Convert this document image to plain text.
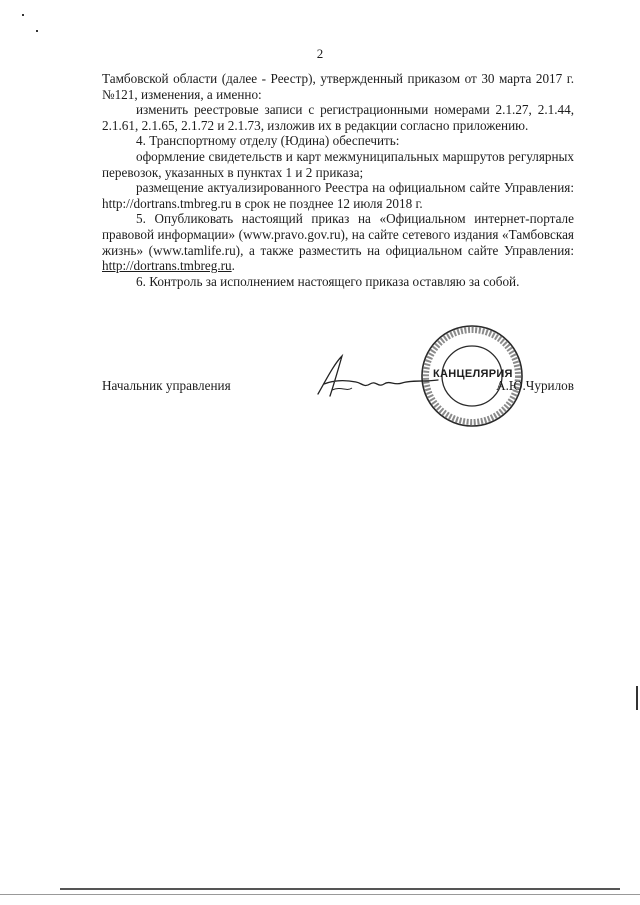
2

Тамбовской области (далее - Реестр), утвержденный приказом от 30 марта 2017 г. №121, изменения, а именно:

изменить реестровые записи с регистрационными номерами 2.1.27, 2.1.44, 2.1.61, 2.1.65, 2.1.72 и 2.1.73, изложив их в редакции согласно приложению.

4. Транспортному отделу (Юдина) обеспечить:

оформление свидетельств и карт межмуниципальных маршрутов регулярных перевозок, указанных в пунктах 1 и 2 приказа;

размещение актуализированного Реестра на официальном сайте Управления: http://dortrans.tmbreg.ru в срок не позднее 12 июля 2018 г.

5. Опубликовать настоящий приказ на «Официальном интернет-портале правовой информации» (www.pravo.gov.ru), на сайте сетевого издания «Тамбовская жизнь» (www.tamlife.ru), а также разместить на официальном сайте Управления: http://dortrans.tmbreg.ru.

6. Контроль за исполнением настоящего приказа оставляю за собой.

КАНЦЕЛЯРИЯ
Начальник управления	А.Ю.Чурилов
